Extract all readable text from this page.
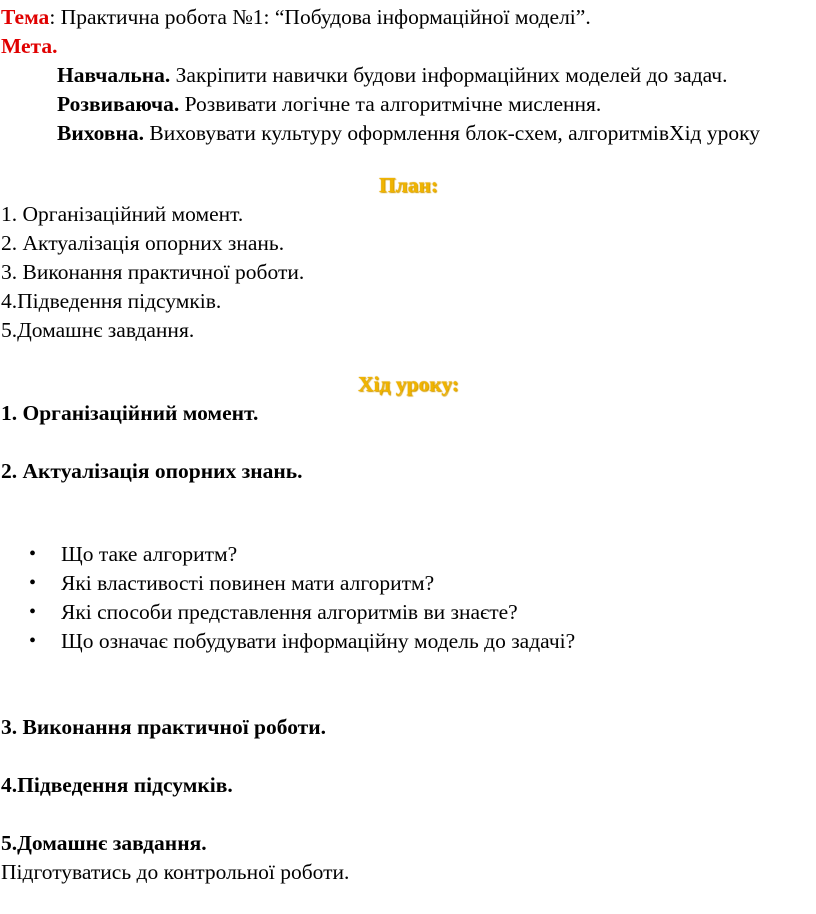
Тема: Практична робота №1: “Побудова інформаційної моделі”.

Мета.

Навчальна. Закріпити навички будови інформаційних моделей до задач.

Розвиваюча. Розвивати логічне та алгоритмічне мислення.

Виховна. Виховувати культуру оформлення блок-схем, алгоритмівХід уроку

План:

1. Організаційний момент.

2. Актуалізація опорних знань.

3. Виконання практичної роботи.

4.Підведення підсумків.

5.Домашнє завдання.

Хід уроку:

1. Організаційний момент.

2. Актуалізація опорних знань.

• Що таке алгоритм?
• Які властивості повинен мати алгоритм?
• Які способи представлення алгоритмів ви знаєте?
• Що означає побудувати інформаційну модель до задачі?

3. Виконання практичної роботи.

4.Підведення підсумків.

5.Домашнє завдання.

Підготуватись до контрольної роботи.
